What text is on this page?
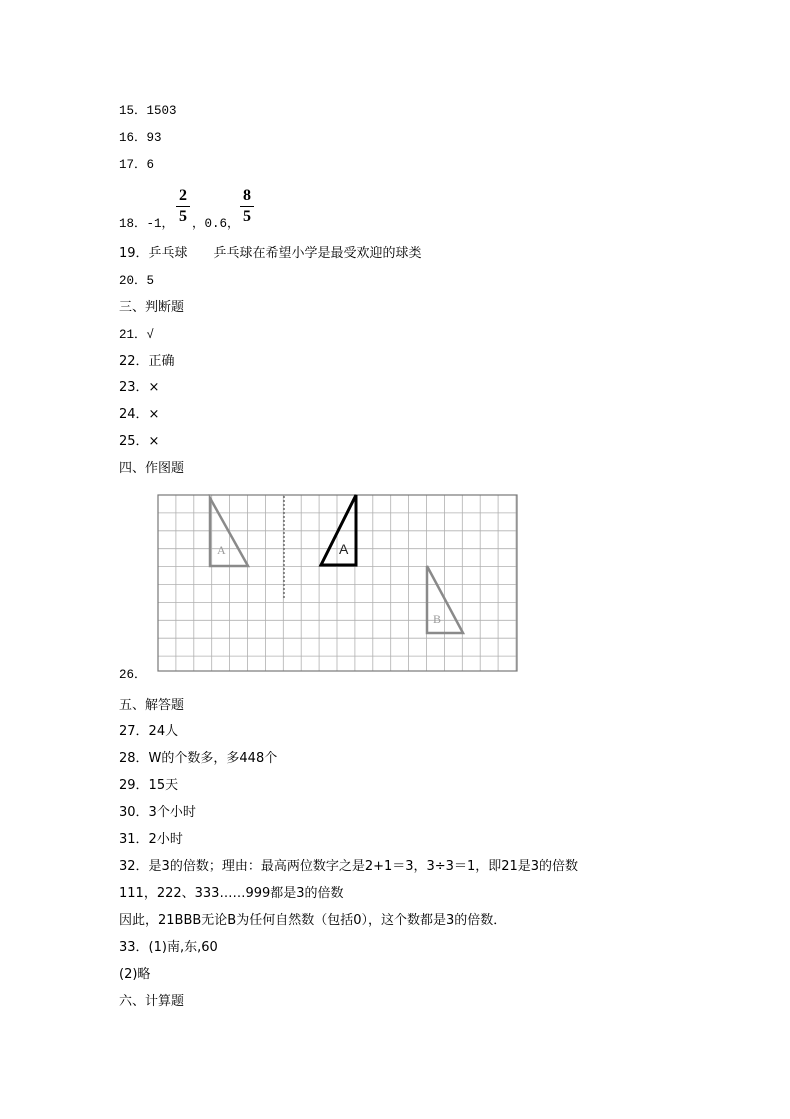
15．1503
16．93
17．6
18．-1，
2
5 ，0.6，
8
5
19．乒乓球　　乒乓球在希望小学是最受欢迎的球类
20．5
三、判断题
21．√
22．正确
23．×
24．×
25．×
四、作图题
A	A
B
26．
五、解答题
27．24人
28．W的个数多，多448个
29．15天
30．3个小时
31．2小时
32．是3的倍数；理由：最高两位数字之是2+1＝3，3÷3＝1，即21是3的倍数
111，222、333……999都是3的倍数
因此，21BBB无论B为任何自然数（包括0），这个数都是3的倍数．
33．(1)南,东,60
(2)略
六、计算题
